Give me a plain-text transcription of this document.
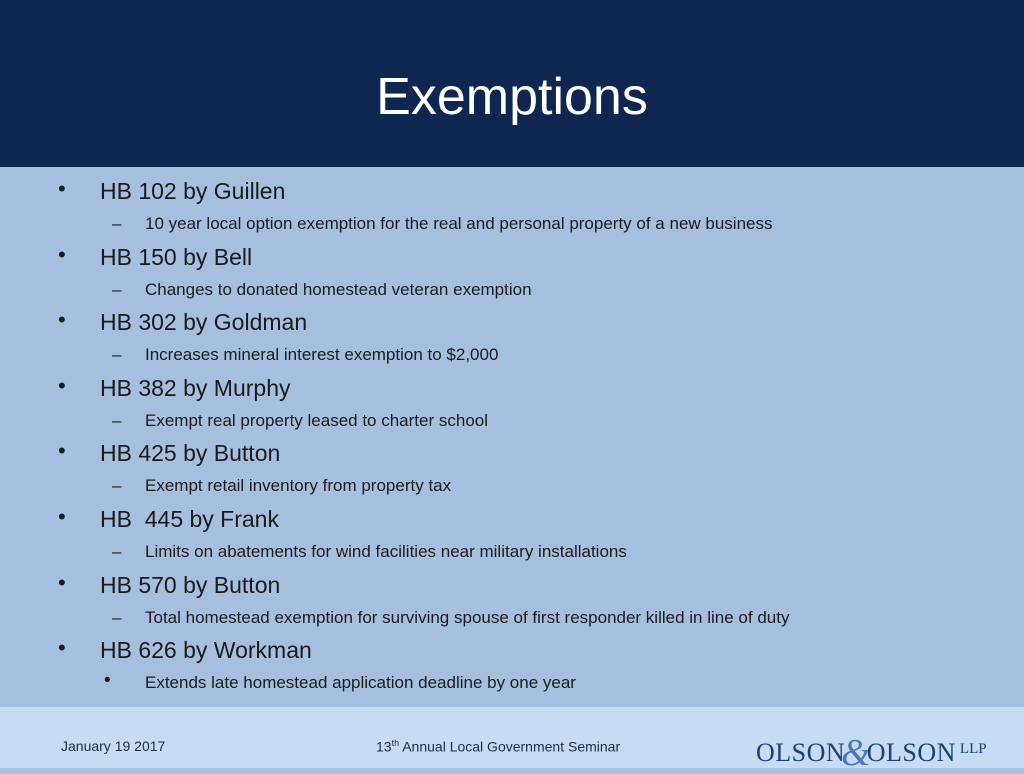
Exemptions
• HB 102 by Guillen
– 10 year local option exemption for the real and personal property of a new business
• HB 150 by Bell
– Changes to donated homestead veteran exemption
• HB 302 by Goldman
– Increases mineral interest exemption to $2,000
• HB 382 by Murphy
– Exempt real property leased to charter school
• HB 425 by Button
– Exempt retail inventory from property tax
• HB  445 by Frank
– Limits on abatements for wind facilities near military installations
• HB 570 by Button
– Total homestead exemption for surviving spouse of first responder killed in line of duty
• HB 626 by Workman
• Extends late homestead application deadline by one year
January 19 2017	13th Annual Local Government Seminar	OLSON&OLSON LLP
